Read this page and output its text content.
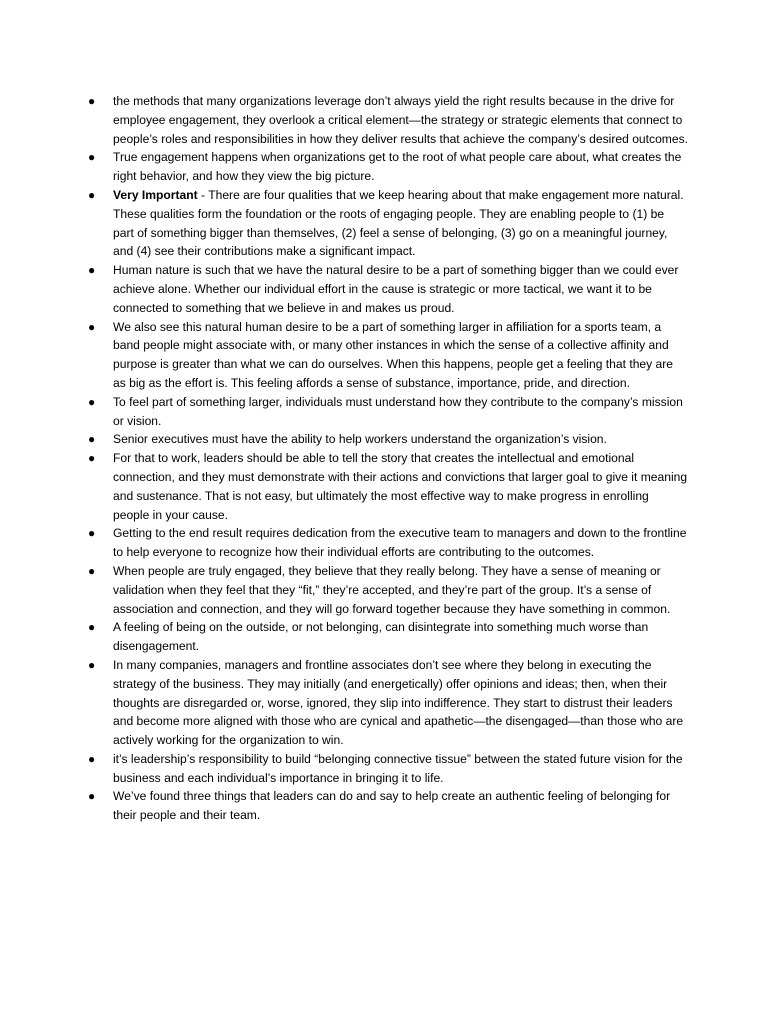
● the methods that many organizations leverage don’t always yield the right results because in the drive for employee engagement, they overlook a critical element—the strategy or strategic elements that connect to people’s roles and responsibilities in how they deliver results that achieve the company’s desired outcomes.
● True engagement happens when organizations get to the root of what people care about, what creates the right behavior, and how they view the big picture.
● Very Important - There are four qualities that we keep hearing about that make engagement more natural. These qualities form the foundation or the roots of engaging people. They are enabling people to (1) be part of something bigger than themselves, (2) feel a sense of belonging, (3) go on a meaningful journey, and (4) see their contributions make a significant impact.
● Human nature is such that we have the natural desire to be a part of something bigger than we could ever achieve alone. Whether our individual effort in the cause is strategic or more tactical, we want it to be connected to something that we believe in and makes us proud.
● We also see this natural human desire to be a part of something larger in affiliation for a sports team, a band people might associate with, or many other instances in which the sense of a collective affinity and purpose is greater than what we can do ourselves. When this happens, people get a feeling that they are as big as the effort is. This feeling affords a sense of substance, importance, pride, and direction.
● To feel part of something larger, individuals must understand how they contribute to the company’s mission or vision.
● Senior executives must have the ability to help workers understand the organization’s vision.
● For that to work, leaders should be able to tell the story that creates the intellectual and emotional connection, and they must demonstrate with their actions and convictions that larger goal to give it meaning and sustenance. That is not easy, but ultimately the most effective way to make progress in enrolling people in your cause.
● Getting to the end result requires dedication from the executive team to managers and down to the frontline to help everyone to recognize how their individual efforts are contributing to the outcomes.
● When people are truly engaged, they believe that they really belong. They have a sense of meaning or validation when they feel that they “fit,” they’re accepted, and they’re part of the group. It’s a sense of association and connection, and they will go forward together because they have something in common.
● A feeling of being on the outside, or not belonging, can disintegrate into something much worse than disengagement.
● In many companies, managers and frontline associates don’t see where they belong in executing the strategy of the business. They may initially (and energetically) offer opinions and ideas; then, when their thoughts are disregarded or, worse, ignored, they slip into indifference. They start to distrust their leaders and become more aligned with those who are cynical and apathetic—the disengaged—than those who are actively working for the organization to win.
● it’s leadership’s responsibility to build “belonging connective tissue” between the stated future vision for the business and each individual’s importance in bringing it to life.
● We’ve found three things that leaders can do and say to help create an authentic feeling of belonging for their people and their team.
